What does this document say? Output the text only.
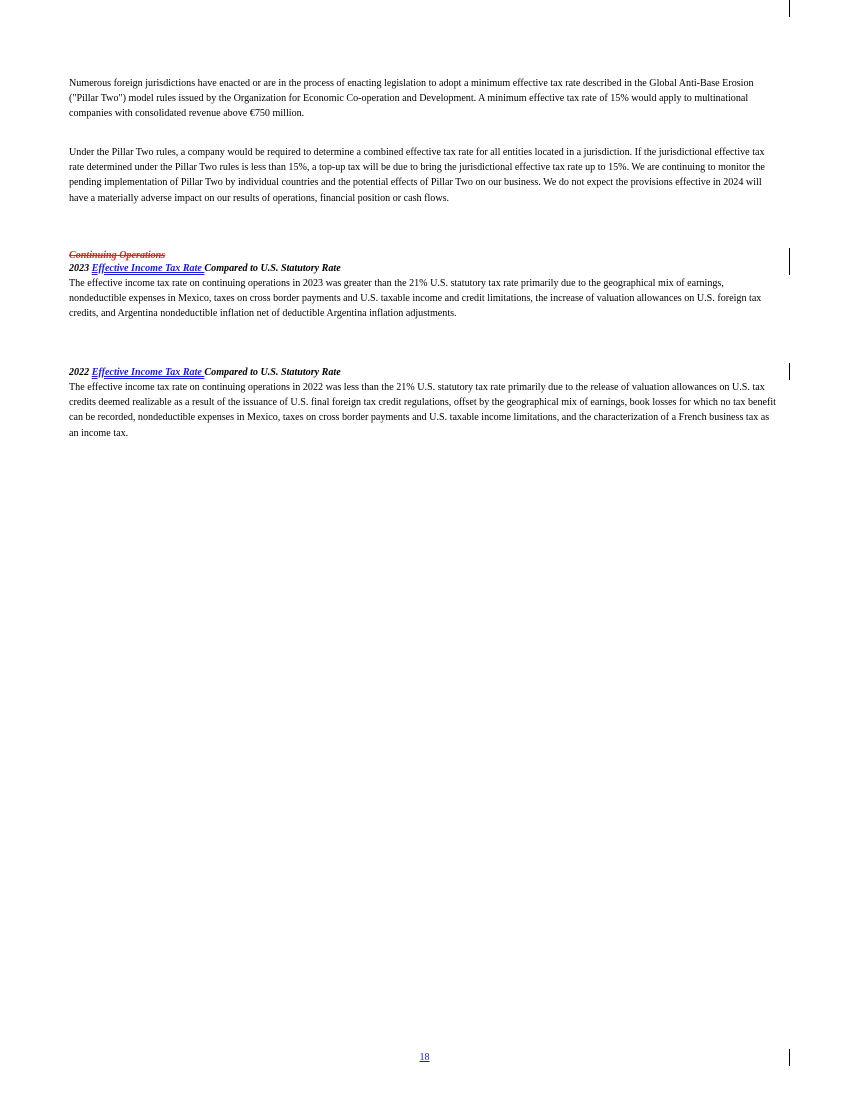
Numerous foreign jurisdictions have enacted or are in the process of enacting legislation to adopt a minimum effective tax rate described in the Global Anti-Base Erosion ("Pillar Two") model rules issued by the Organization for Economic Co-operation and Development. A minimum effective tax rate of 15% would apply to multinational companies with consolidated revenue above €750 million.

Under the Pillar Two rules, a company would be required to determine a combined effective tax rate for all entities located in a jurisdiction. If the jurisdictional effective tax rate determined under the Pillar Two rules is less than 15%, a top-up tax will be due to bring the jurisdictional effective tax rate up to 15%. We are continuing to monitor the pending implementation of Pillar Two by individual countries and the potential effects of Pillar Two on our business. We do not expect the provisions effective in 2024 will have a materially adverse impact on our results of operations, financial position or cash flows.

Continuing Operations
2023 Effective Income Tax Rate Compared to U.S. Statutory Rate
The effective income tax rate on continuing operations in 2023 was greater than the 21% U.S. statutory tax rate primarily due to the geographical mix of earnings, nondeductible expenses in Mexico, taxes on cross border payments and U.S. taxable income and credit limitations, the increase of valuation allowances on U.S. foreign tax credits, and Argentina nondeductible inflation net of deductible Argentina inflation adjustments.
2022 Effective Income Tax Rate Compared to U.S. Statutory Rate
The effective income tax rate on continuing operations in 2022 was less than the 21% U.S. statutory tax rate primarily due to the release of valuation allowances on U.S. tax credits deemed realizable as a result of the issuance of U.S. final foreign tax credit regulations, offset by the geographical mix of earnings, book losses for which no tax benefit can be recorded, nondeductible expenses in Mexico, taxes on cross border payments and U.S. taxable income limitations, and the characterization of a French business tax as an income tax.
18
